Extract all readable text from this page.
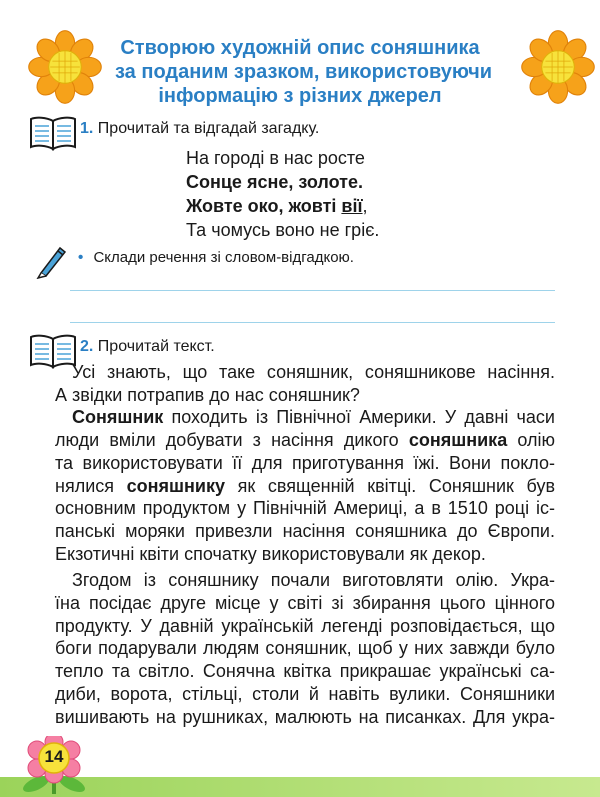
Створюю художній опис соняшника
за поданим зразком, використовуючи
інформацію з різних джерел
1. Прочитай та відгадай загадку.
На городі в нас росте
Сонце ясне, золоте.
Жовте око, жовті вії,
Та чомусь воно не гріє.
• Склади речення зі словом-відгадкою.
2. Прочитай текст.
Усі знають, що таке соняшник, соняшникове насіння.
А звідки потрапив до нас соняшник?
Соняшник походить із Північної Америки. У давні часи
люди вміли добувати з насіння дикого соняшника олію
та використовувати її для приготування їжі. Вони покло-
нялися соняшнику як священній квітці. Соняшник був
основним продуктом у Північній Америці, а в 1510 році іс-
панські моряки привезли насіння соняшника до Європи.
Екзотичні квіти спочатку використовували як декор.
Згодом із соняшнику почали виготовляти олію. Укра-
їна посідає друге місце у світі зі збирання цього цінного
продукту. У давній українській легенді розповідається, що
боги подарували людям соняшник, щоб у них завжди було
тепло та світло. Сонячна квітка прикрашає українські са-
диби, ворота, стільці, столи й навіть вулики. Соняшники
вишивають на рушниках, малюють на писанках. Для укра-
14
